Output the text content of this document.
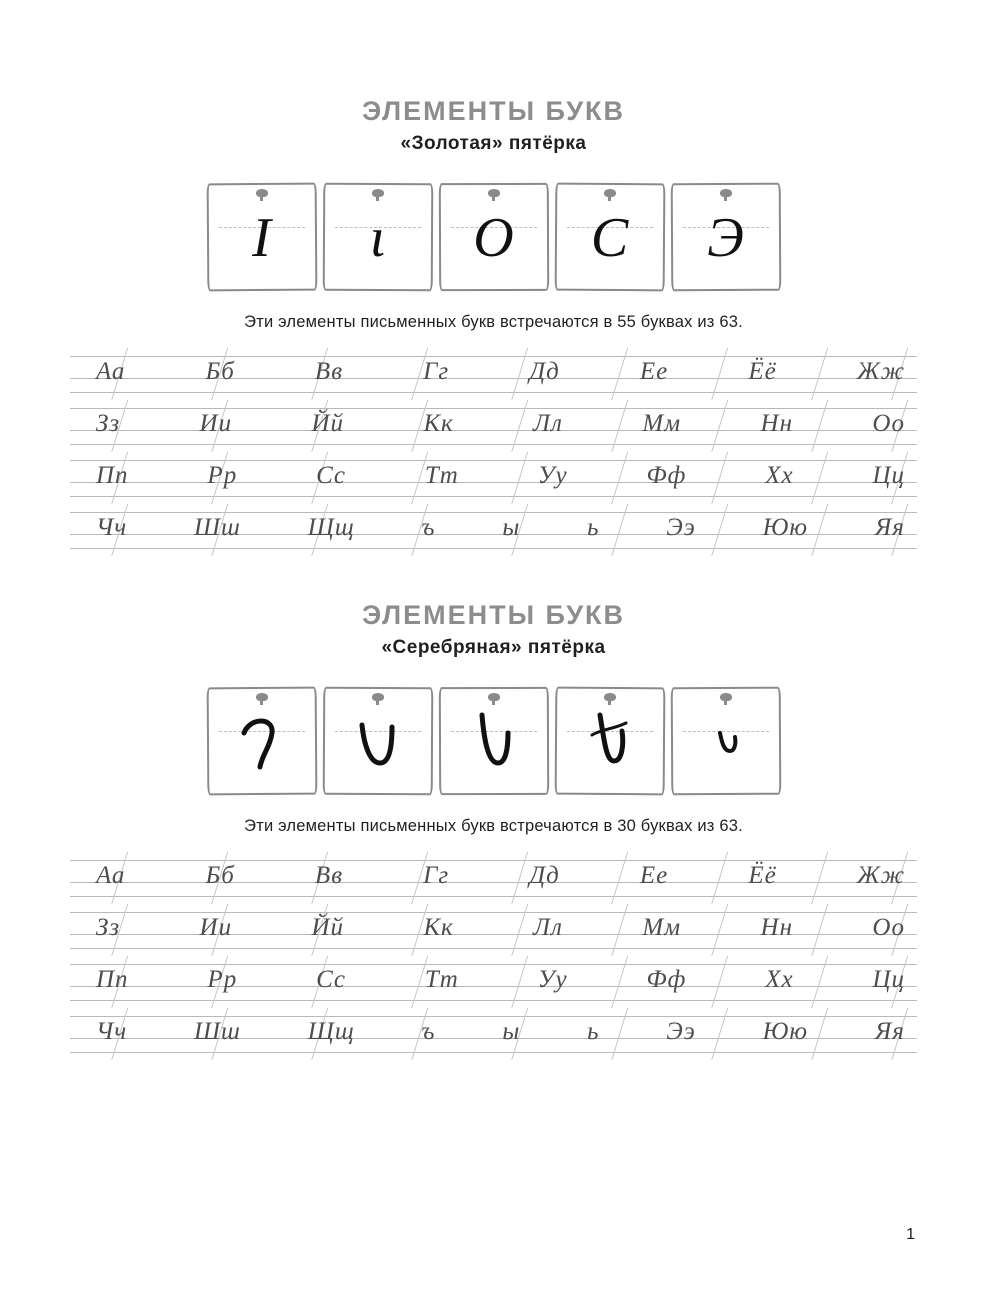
ЭЛЕМЕНТЫ БУКВ
«Золотая» пятёрка
I	ι	О	С	Э
Эти элементы письменных букв встречаются в 55 буквах из 63.
Аа	Бб	Вв	Гг	Дд	Ее	Ёё	Жж
Зз	Ии	Йй	Кк	Лл	Мм	Нн	Оо
Пп	Рр	Сс	Тт	Уу	Фф	Хх	Цц
Чч	Шш	Щщ	ъ	ы	ь	Ээ	Юю	Яя
ЭЛЕМЕНТЫ БУКВ
«Серебряная» пятёрка
Эти элементы письменных букв встречаются в 30 буквах из 63.
Аа	Бб	Вв	Гг	Дд	Ее	Ёё	Жж
Зз	Ии	Йй	Кк	Лл	Мм	Нн	Оо
Пп	Рр	Сс	Тт	Уу	Фф	Хх	Цц
Чч	Шш	Щщ	ъ	ы	ь	Ээ	Юю	Яя
1
